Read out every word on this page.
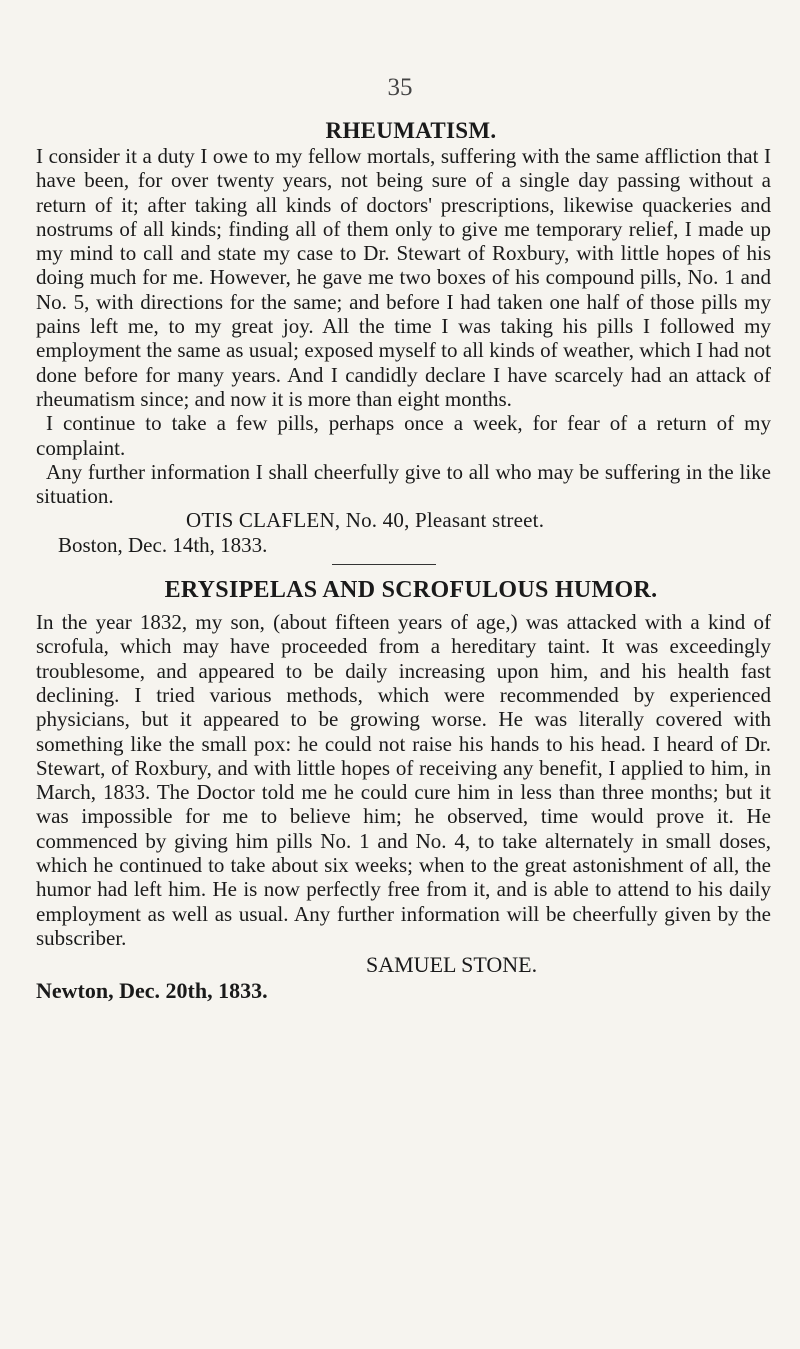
35
RHEUMATISM.

I consider it a duty I owe to my fellow mortals, suffering with the same affliction that I have been, for over twenty years, not being sure of a single day passing without a return of it; after taking all kinds of doctors' prescriptions, likewise quackeries and nostrums of all kinds; finding all of them only to give me temporary relief, I made up my mind to call and state my case to Dr. Stewart of Roxbury, with little hopes of his doing much for me. However, he gave me two boxes of his compound pills, No. 1 and No. 5, with directions for the same; and before I had taken one half of those pills my pains left me, to my great joy. All the time I was taking his pills I followed my employment the same as usual; exposed myself to all kinds of weather, which I had not done before for many years. And I candidly declare I have scarcely had an attack of rheumatism since; and now it is more than eight months.

I continue to take a few pills, perhaps once a week, for fear of a return of my complaint.

Any further information I shall cheerfully give to all who may be suffering in the like situation.

OTIS CLAFLEN, No. 40, Pleasant street.

Boston, Dec. 14th, 1833.

ERYSIPELAS AND SCROFULOUS HUMOR.

In the year 1832, my son, (about fifteen years of age,) was attacked with a kind of scrofula, which may have proceeded from a hereditary taint. It was exceedingly troublesome, and appeared to be daily increasing upon him, and his health fast declining. I tried various methods, which were recommended by experienced physicians, but it appeared to be growing worse. He was literally covered with something like the small pox: he could not raise his hands to his head. I heard of Dr. Stewart, of Roxbury, and with little hopes of receiving any benefit, I applied to him, in March, 1833. The Doctor told me he could cure him in less than three months; but it was impossible for me to believe him; he observed, time would prove it. He commenced by giving him pills No. 1 and No. 4, to take alternately in small doses, which he continued to take about six weeks; when to the great astonishment of all, the humor had left him. He is now perfectly free from it, and is able to attend to his daily employment as well as usual. Any further information will be cheerfully given by the subscriber.

SAMUEL STONE.

Newton, Dec. 20th, 1833.
